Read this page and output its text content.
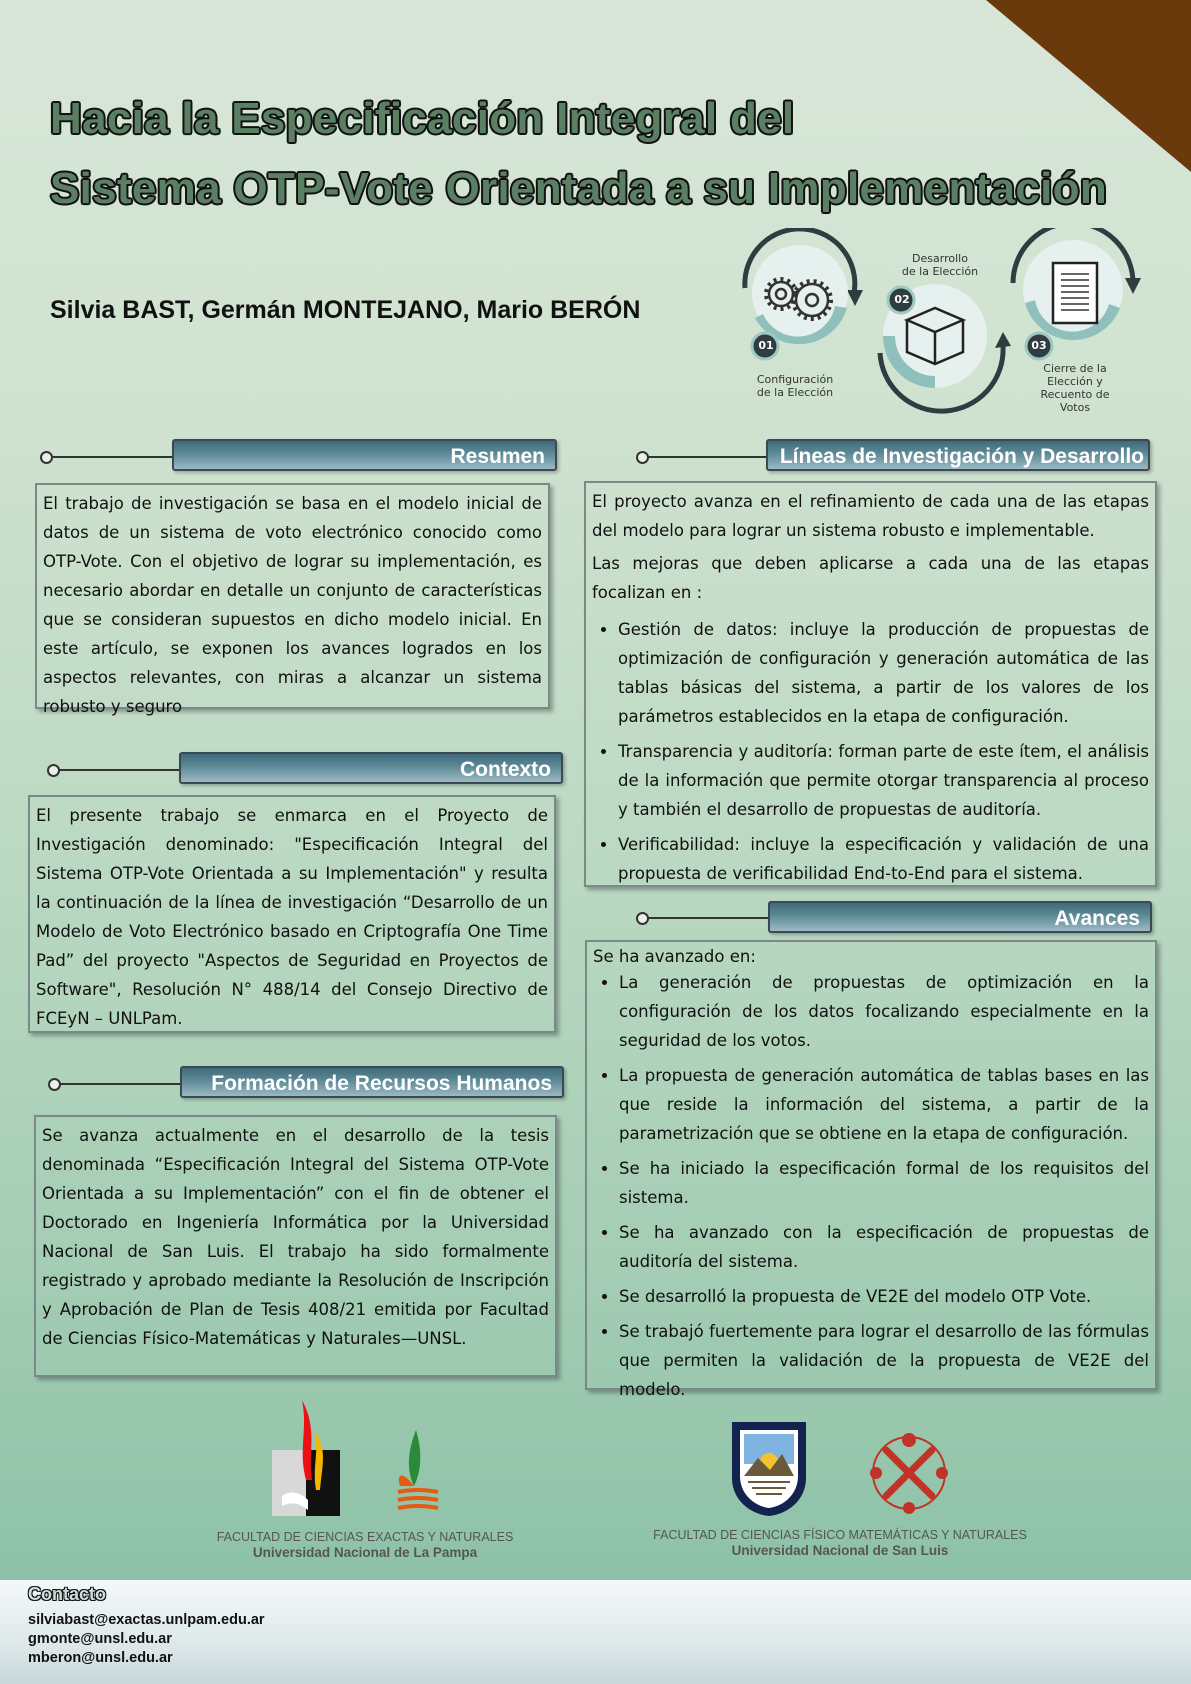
Hacia la Especificación Integral del
Sistema OTP-Vote Orientada a su Implementación
Silvia BAST, Germán MONTEJANO, Mario BERÓN
01
02
03
Configuración
de la Elección
Desarrollo
de la Elección
Cierre de la
Elección y
Recuento de
Votos
Resumen

El trabajo de investigación se basa en el modelo inicial de datos de un sistema de voto electrónico conocido como OTP-Vote. Con el objetivo de lograr su implementación, es necesario abordar en detalle un conjunto de características que se consideran supuestos en dicho modelo inicial. En este artículo, se exponen los avances logrados en los aspectos relevantes, con miras a alcanzar un sistema robusto y seguro

Contexto

El presente trabajo se enmarca en el Proyecto de Investigación denominado: "Especificación Integral del Sistema OTP-Vote Orientada a su Implementación" y resulta la continuación de la línea de investigación “Desarrollo de un Modelo de Voto Electrónico basado en Criptografía One Time Pad” del proyecto "Aspectos de Seguridad en Proyectos de Software", Resolución N° 488/14 del Consejo Directivo de FCEyN – UNLPam.

Formación de Recursos Humanos

Se avanza actualmente en el desarrollo de la tesis denominada “Especificación Integral del Sistema OTP-Vote Orientada a su Implementación” con el fin de obtener el Doctorado en Ingeniería Informática por la Universidad Nacional de San Luis. El trabajo ha sido formalmente registrado y aprobado mediante la Resolución de Inscripción y Aprobación de Plan de Tesis 408/21 emitida por Facultad de Ciencias Físico-Matemáticas y Naturales—UNSL.

Líneas de Investigación y Desarrollo

El proyecto avanza en el refinamiento de cada una de las etapas del modelo para lograr un sistema robusto e implementable.

Las mejoras que deben aplicarse a cada una de las etapas focalizan en :

• Gestión de datos: incluye la producción de propuestas de optimización de configuración y generación automática de las tablas básicas del sistema, a partir de los valores de los parámetros establecidos en la etapa de configuración.
• Transparencia y auditoría: forman parte de este ítem, el análisis de la información que permite otorgar transparencia al proceso y también el desarrollo de propuestas de auditoría.
• Verificabilidad: incluye la especificación y validación de una propuesta de verificabilidad End-to-End para el sistema.
Avances

Se ha avanzado en:

• La generación de propuestas de optimización en la configuración de los datos focalizando especialmente en la seguridad de los votos.
• La propuesta de generación automática de tablas bases en las que reside la información del sistema, a partir de la parametrización que se obtiene en la etapa de configuración.
• Se ha iniciado la especificación formal de los requisitos del sistema.
• Se ha avanzado con la especificación de propuestas de auditoría del sistema.
• Se desarrolló la propuesta de VE2E del modelo OTP Vote.
• Se trabajó fuertemente para lograr el desarrollo de las fórmulas que permiten la validación de la propuesta de VE2E del modelo.
FACULTAD DE CIENCIAS EXACTAS Y NATURALES
Universidad Nacional de La Pampa
FACULTAD DE CIENCIAS FÍSICO MATEMÁTICAS Y NATURALES
Universidad Nacional de San Luis
Contacto
silviabast@exactas.unlpam.edu.ar
gmonte@unsl.edu.ar
mberon@unsl.edu.ar
